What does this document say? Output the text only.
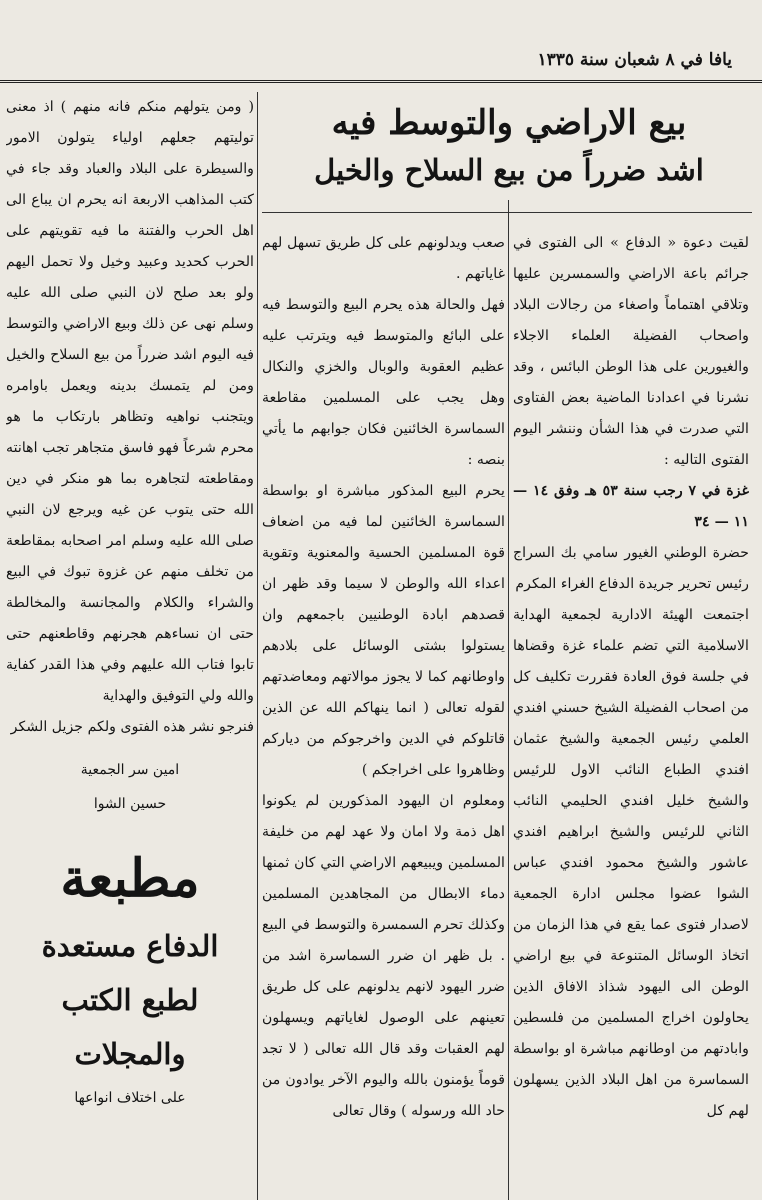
يافا في ٨ شعبان سنة ١٣٣٥
بيع الاراضي والتوسط فيه
اشد ضرراً من بيع السلاح والخيل

لقيت دعوة « الدفاع » الى الفتوى في جرائم باعة الاراضي والسمسرين عليها وتلاقي اهتماماً واصغاء من رجالات البلاد واصحاب الفضيلة العلماء الاجلاء والغيورين على هذا الوطن البائس ، وقد نشرنا في اعدادنا الماضية بعض الفتاوى التي صدرت في هذا الشأن وننشر اليوم الفتوى التاليه :

غزة في ٧ رجب سنة ٥٣ هـ وفق ١٤ — ١١ — ٣٤

حضرة الوطني الغيور سامي بك السراج رئيس تحرير جريدة الدفاع الغراء المكرم

اجتمعت الهيئة الادارية لجمعية الهداية الاسلامية التي تضم علماء غزة وقضاها في جلسة فوق العادة فقررت تكليف كل من اصحاب الفضيلة الشيخ حسني افندي العلمي رئيس الجمعية والشيخ عثمان افندي الطباع النائب الاول للرئيس والشيخ خليل افندي الحليمي النائب الثاني للرئيس والشيخ ابراهيم افندي عاشور والشيخ محمود افندي عباس الشوا عضوا مجلس ادارة الجمعية لاصدار فتوى عما يقع في هذا الزمان من اتخاذ الوسائل المتنوعة في بيع اراضي الوطن الى اليهود شذاذ الافاق الذين يحاولون اخراج المسلمين من فلسطين وابادتهم من اوطانهم مباشرة او بواسطة السماسرة من اهل البلاد الذين يسهلون لهم كل

صعب ويدلونهم على كل طريق تسهل لهم غاياتهم .

فهل والحالة هذه يحرم البيع والتوسط فيه على البائع والمتوسط فيه ويترتب عليه عظيم العقوبة والوبال والخزي والنكال وهل يجب على المسلمين مقاطعة السماسرة الخائنين فكان جوابهم ما يأتي بنصه :

يحرم البيع المذكور مباشرة او بواسطة السماسرة الخائنين لما فيه من اضعاف قوة المسلمين الحسية والمعنوية وتقوية اعداء الله والوطن لا سيما وقد ظهر ان قصدهم ابادة الوطنيين باجمعهم وان يستولوا بشتى الوسائل على بلادهم واوطانهم كما لا يجوز موالاتهم ومعاضدتهم لقوله تعالى ( انما ينهاكم الله عن الذين قاتلوكم في الدين واخرجوكم من دياركم وظاهروا على اخراجكم )

ومعلوم ان اليهود المذكورين لم يكونوا اهل ذمة ولا امان ولا عهد لهم من خليفة المسلمين ويبيعهم الاراضي التي كان ثمنها دماء الابطال من المجاهدين المسلمين وكذلك تحرم السمسرة والتوسط في البيع . بل ظهر ان ضرر السماسرة اشد من ضرر اليهود لانهم يدلونهم على كل طريق تعينهم على الوصول لغاياتهم ويسهلون لهم العقبات وقد قال الله تعالى ( لا تجد قوماً يؤمنون بالله واليوم الآخر يوادون من حاد الله ورسوله ) وقال تعالى

( ومن يتولهم منكم فانه منهم ) اذ معنى توليتهم جعلهم اولياء يتولون الامور والسيطرة على البلاد والعباد وقد جاء في كتب المذاهب الاربعة انه يحرم ان يباع الى اهل الحرب والفتنة ما فيه تقويتهم على الحرب كحديد وعبيد وخيل ولا تحمل اليهم ولو بعد صلح لان النبي صلى الله عليه وسلم نهى عن ذلك وبيع الاراضي والتوسط فيه اليوم اشد ضرراً من بيع السلاح والخيل ومن لم يتمسك بدينه ويعمل باوامره ويتجنب نواهيه وتظاهر بارتكاب ما هو محرم شرعاً فهو فاسق متجاهر تجب اهانته ومقاطعته لتجاهره بما هو منكر في دين الله حتى يتوب عن غيه ويرجع لان النبي صلى الله عليه وسلم امر اصحابه بمقاطعة من تخلف منهم عن غزوة تبوك في البيع والشراء والكلام والمجانسة والمخالطة حتى ان نساءهم هجرنهم وقاطعنهم حتى تابوا فتاب الله عليهم وفي هذا القدر كفاية والله ولي التوفيق والهداية

فنرجو نشر هذه الفتوى ولكم جزيل الشكر

امين سر الجمعية
حسين الشوا
مطبعة
الدفاع مستعدة
لطبع الكتب والمجلات
على اختلاف انواعها
